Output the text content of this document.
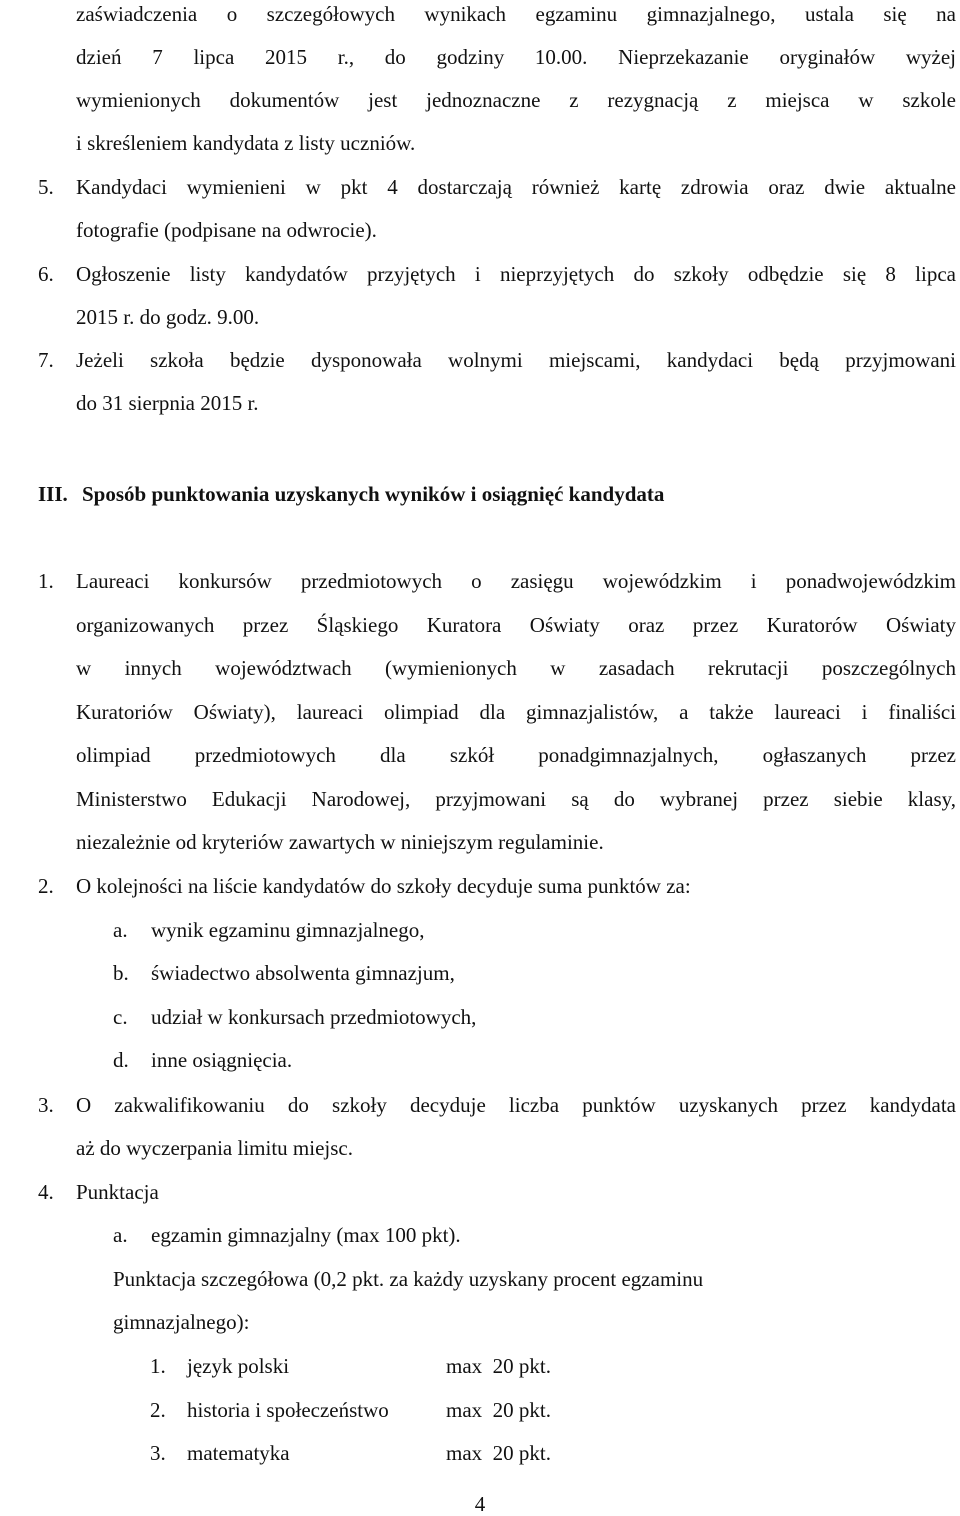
zaświadczenia o szczegółowych wynikach egzaminu gimnazjalnego, ustala się na
dzień 7 lipca 2015 r., do godziny 10.00. Nieprzekazanie oryginałów wyżej
wymienionych dokumentów jest jednoznaczne z rezygnacją z miejsca w szkole
i skreśleniem kandydata z listy uczniów.
5. Kandydaci wymienieni w pkt 4 dostarczają również kartę zdrowia oraz dwie aktualne
fotografie (podpisane na odwrocie).
6. Ogłoszenie listy kandydatów przyjętych i nieprzyjętych do szkoły odbędzie się 8 lipca
2015 r. do godz. 9.00.
7. Jeżeli szkoła będzie dysponowała wolnymi miejscami, kandydaci będą przyjmowani
do 31 sierpnia 2015 r.
III. Sposób punktowania uzyskanych wyników i osiągnięć kandydata
1. Laureaci konkursów przedmiotowych o zasięgu wojewódzkim i ponadwojewódzkim
organizowanych przez Śląskiego Kuratora Oświaty oraz przez Kuratorów Oświaty
w innych województwach (wymienionych w zasadach rekrutacji poszczególnych
Kuratoriów Oświaty), laureaci olimpiad dla gimnazjalistów, a także laureaci i finaliści
olimpiad przedmiotowych dla szkół ponadgimnazjalnych, ogłaszanych przez
Ministerstwo Edukacji Narodowej, przyjmowani są do wybranej przez siebie klasy,
niezależnie od kryteriów zawartych w niniejszym regulaminie.
2. O kolejności na liście kandydatów do szkoły decyduje suma punktów za:
a. wynik egzaminu gimnazjalnego,
b. świadectwo absolwenta gimnazjum,
c. udział w konkursach przedmiotowych,
d. inne osiągnięcia.
3. O zakwalifikowaniu do szkoły decyduje liczba punktów uzyskanych przez kandydata
aż do wyczerpania limitu miejsc.
4. Punktacja
a. egzamin gimnazjalny (max 100 pkt).
Punktacja szczegółowa (0,2 pkt. za każdy uzyskany procent egzaminu
gimnazjalnego):
1. język polski	max  20 pkt.
2. historia i społeczeństwo	max  20 pkt.
3. matematyka	max  20 pkt.
4
